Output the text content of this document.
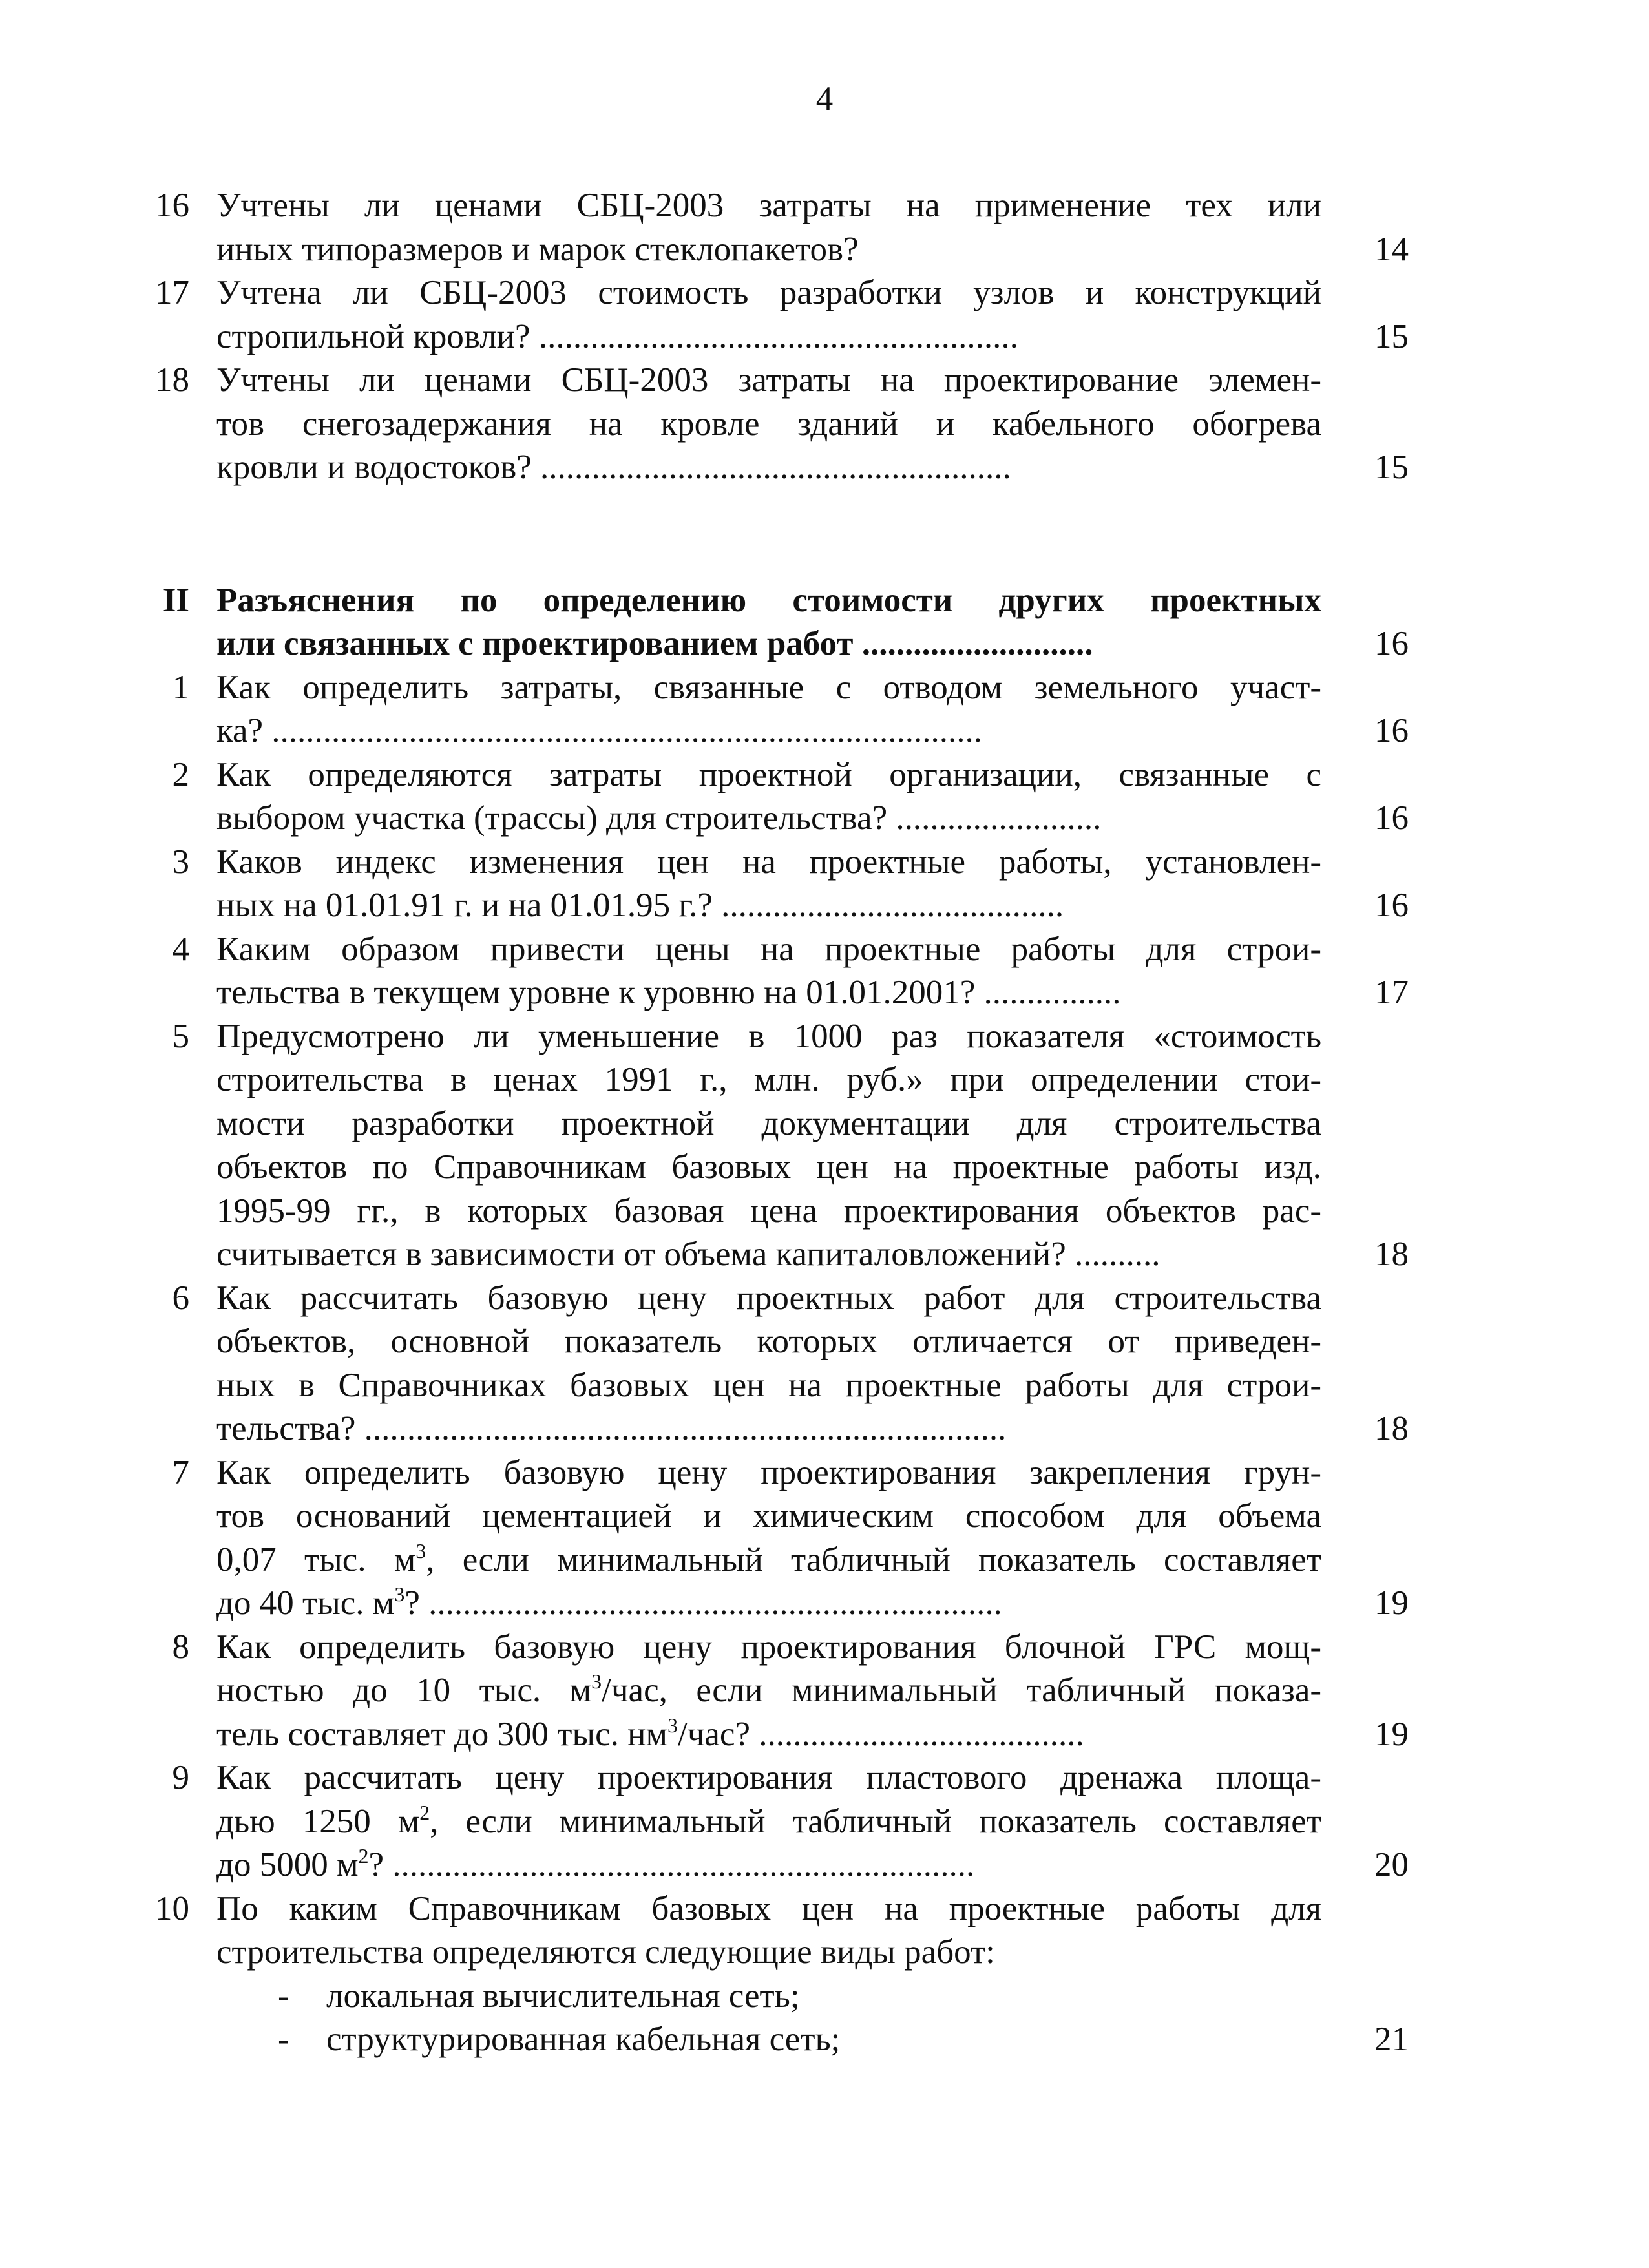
4
16 Учтены ли ценами СБЦ-2003 затраты на применение тех или
иных типоразмеров и марок стеклопакетов?	14
17 Учтена ли СБЦ-2003 стоимость разработки узлов и конструкций
стропильной кровли? ........................................................	15
18 Учтены ли ценами СБЦ-2003 затраты на проектирование элемен-
тов снегозадержания на кровле зданий и кабельного обогрева
кровли и водостоков? .......................................................	15
II Разъяснения по определению стоимости других проектных
или связанных с проектированием работ ...........................	16
1 Как определить затраты, связанные с отводом земельного участ-
ка? ...................................................................................	16
2 Как определяются затраты проектной организации, связанные с
выбором участка (трассы) для строительства? ........................	16
3 Каков индекс изменения цен на проектные работы, установлен-
ных на 01.01.91 г. и на 01.01.95 г.? ........................................	16
4 Каким образом привести цены на проектные работы для строи-
тельства в текущем уровне к уровню на 01.01.2001? ................	17
5 Предусмотрено ли уменьшение в 1000 раз показателя «стоимость
строительства в ценах 1991 г., млн. руб.» при определении стои-
мости разработки проектной документации для строительства
объектов по Справочникам базовых цен на проектные работы изд.
1995-99 гг., в которых базовая цена проектирования объектов рас-
считывается в зависимости от объема капиталовложений? ..........	18
6 Как рассчитать базовую цену проектных работ для строительства
объектов, основной показатель которых отличается от приведен-
ных в Справочниках базовых цен на проектные работы для строи-
тельства? ...........................................................................	18
7 Как определить базовую цену проектирования закрепления грун-
тов оснований цементацией и химическим способом для объема
0,07 тыс. $м^3$, если минимальный табличный показатель составляет
до 40 тыс. $м^3$? ...................................................................	19
8 Как определить базовую цену проектирования блочной ГРС мощ-
ностью до 10 тыс. $м^3$/час, если минимальный табличный показа-
тель составляет до 300 тыс. $нм^3$/час? ......................................	19
9 Как рассчитать цену проектирования пластового дренажа площа-
дью 1250 $м^2$, если минимальный табличный показатель составляет
до 5000 $м^2$? ....................................................................	20
10 По каким Справочникам базовых цен на проектные работы для
строительства определяются следующие виды работ:
- локальная вычислительная сеть;
- структурированная кабельная сеть;	21
